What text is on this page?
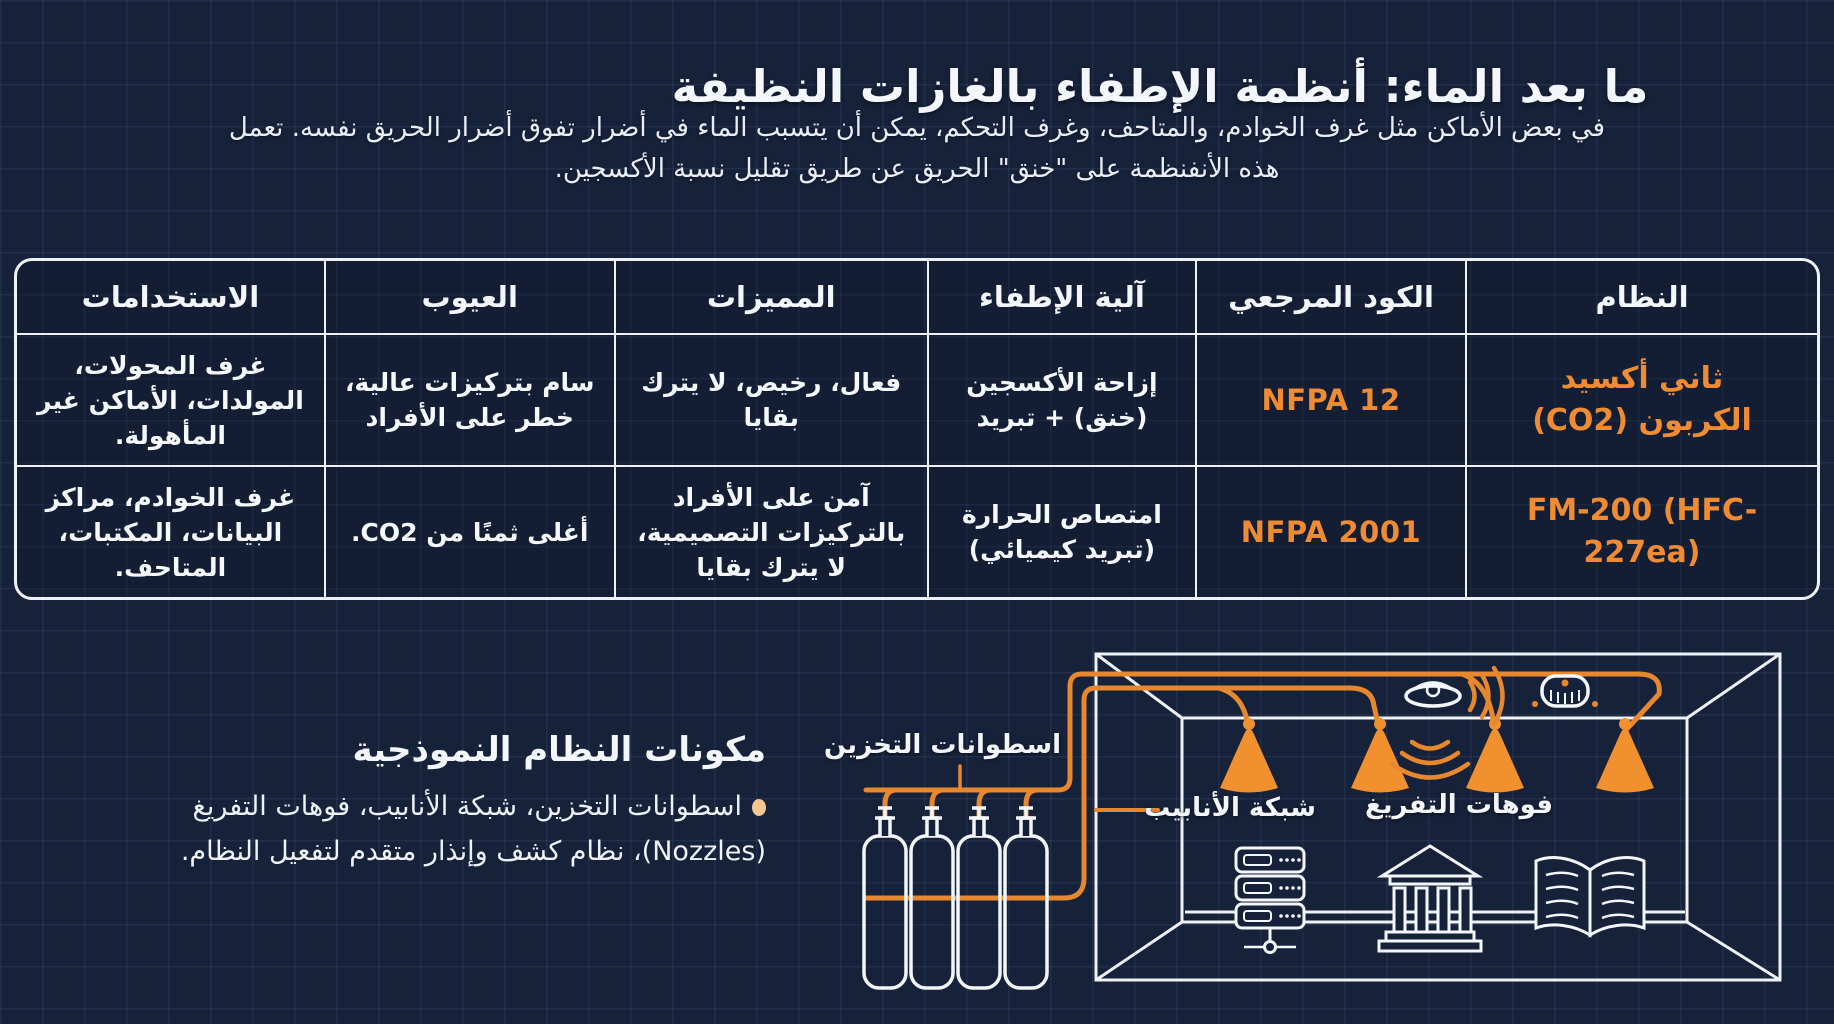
ما بعد الماء: أنظمة الإطفاء بالغازات النظيفة
في بعض الأماكن مثل غرف الخوادم، والمتاحف، وغرف التحكم، يمكن أن يتسبب الماء في أضرار تفوق أضرار الحريق نفسه. تعمل
هذه الأنفنظمة على "خنق" الحريق عن طريق تقليل نسبة الأكسجين.
النظام	الكود المرجعي	آلية الإطفاء	المميزات	العيوب	الاستخدامات
ثاني أكسيد الكربون (CO2)	NFPA 12	إزاحة الأكسجين (خنق) + تبريد	فعال، رخيص، لا يترك بقايا	سام بتركيزات عالية، خطر على الأفراد	غرف المحولات، المولدات، الأماكن غير المأهولة.
FM-200 (HFC-227ea)	NFPA 2001	امتصاص الحرارة (تبريد كيميائي)	آمن على الأفراد بالتركيزات التصميمية، لا يترك بقايا	أغلى ثمنًا من CO2.	غرف الخوادم، مراكز البيانات، المكتبات، المتاحف.
مكونات النظام النموذجية

اسطوانات التخزين، شبكة الأنابيب، فوهات التفريغ (Nozzles)، نظام كشف وإنذار متقدم لتفعيل النظام.

اسطوانات التخزين
شبكة الأنابيب فوهات التفريغ
